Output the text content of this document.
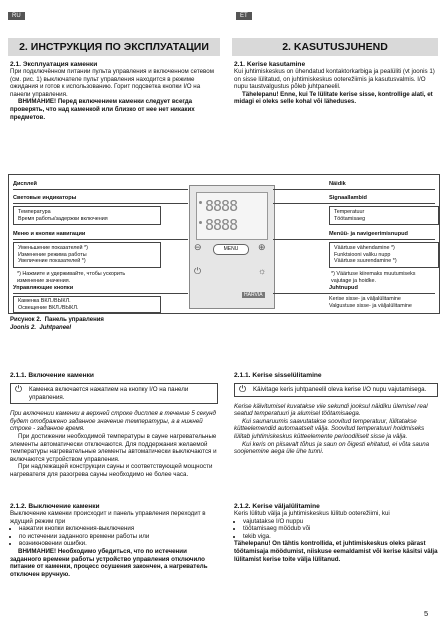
RU	ET
2. ИНСТРУКЦИЯ ПО ЭКСПЛУАТАЦИИ	2. KASUTUSJUHEND
2.1. Эксплуатация каменки
При подключённом питании пульта управления и включенном сетевом (см. рис. 1) выключателе пульт управления находится в режиме ожидания и готов к использованию. Горит подсветка кнопки I/O на панели управления.
ВНИМАНИЕ! Перед включением каменки следует всегда проверять, что над каменкой или близко от нее нет никаких предметов.
2.1. Kerise kasutamine
Kui juhtimiskeskus on ühendatud kontaktorkarbiga ja pealüliti (vt joonis 1) on sisse lülitatud, on juhtimiskeskus ooterežiimis ja kasutusvalmis. I/O nupu taustvalgustus põleb juhtpaneelil.
Tähelepanu! Enne, kui Te lülitate kerise sisse, kontrollige alati, et midagi ei oleks selle kohal või läheduses.
Дисплей
Световые индикаторы
Температура
Время работы/задержки включения
Меню и кнопки навигации
Уменьшение показателей *)
Изменение режима работы
Увеличение показателей *)
*) Нажмите и удерживайте, чтобы ускорить изменение значения.
Управляющие кнопки
Каменка ВКЛ./ВЫКЛ.
Освещение ВКЛ./ВЫКЛ.
8888
8888
⊖	MENU	⊕
⏻	☼
HARVIA
Näidik
Signaallambid
Temperatuur
Töötamisaeg
Menüü- ja navigeerimisnupud
Väärtuse vähendamine *)
Funktsiooni valiku nupp
Väärtuse suurendamine *)
*) Väärtuse kiiremaks muutumiseks vajutage ja hoidke.
Juhtnupud
Kerise sisse- ja väljalülitamine
Valgustuse sisse- ja väljalülitamine
Рисунок 2. Панель управления
Joonis 2. Juhtpaneel
2.1.1. Включение каменки
⏻ Каменка включается нажатием на кнопку I/O на панели управления.
При включении каменки в верхней строке дисплея в течение 5 секунд будет отображено заданное значение температуры, а в нижней строке - заданное время.
При достижении необходимой температуры в сауне нагревательные элементы автоматически отключаются. Для поддержания желаемой температуры нагревательные элементы автоматически выключаются и включаются устройством управления.
При надлежащей конструкции сауны и соответствующей мощности нагревателя для разогрева сауны необходимо не более часа.
2.1.1. Kerise sisselülitamine
⏻ Käivitage keris juhtpaneelil oleva kerise I/O nupu vajutamisega.
Kerise käivitumisel kuvatakse viie sekundi jooksul näidiku ülemisel real seatud temperatuuri ja alumisel töötamisaega.
Kui saunaruumis saavutatakse soovitud temperatuur, lülitatakse kütteelemendid automaatselt välja. Soovitud temperatuuri hoidmiseks lülitab juhtimiskeskus kütteelemente perioodiliselt sisse ja välja.
Kui keris on piisavalt tõhus ja saun on õigesti ehitatud, ei võta sauna soojenemine aega üle ühe tunni.
2.1.2. Выключение каменки
Выключение каменки происходит и панель управления переходит в ждущий режим при
• нажатии кнопки включения-выключения
• по истечении заданного времени работы или
• возникновении ошибки.
ВНИМАНИЕ! Необходимо убедиться, что по истечении заданного времени работы устройство управления отключило питание от каменки, процесс осушения закончен, а нагреватель отключен вручную.
2.1.2. Kerise väljalülitamine
Keris lülitub välja ja juhtimiskeskus lülitub ooterežiimi, kui
• vajutatakse I/O nuppu
• töötamisaeg möödub või
• tekib viga.
Tähelepanu! On tähtis kontrollida, et juhtimiskeskus oleks pärast töötamisaja möödumist, niiskuse eemaldamist või kerise käsitsi välja lülitamist kerise toite välja lülitanud.
5
